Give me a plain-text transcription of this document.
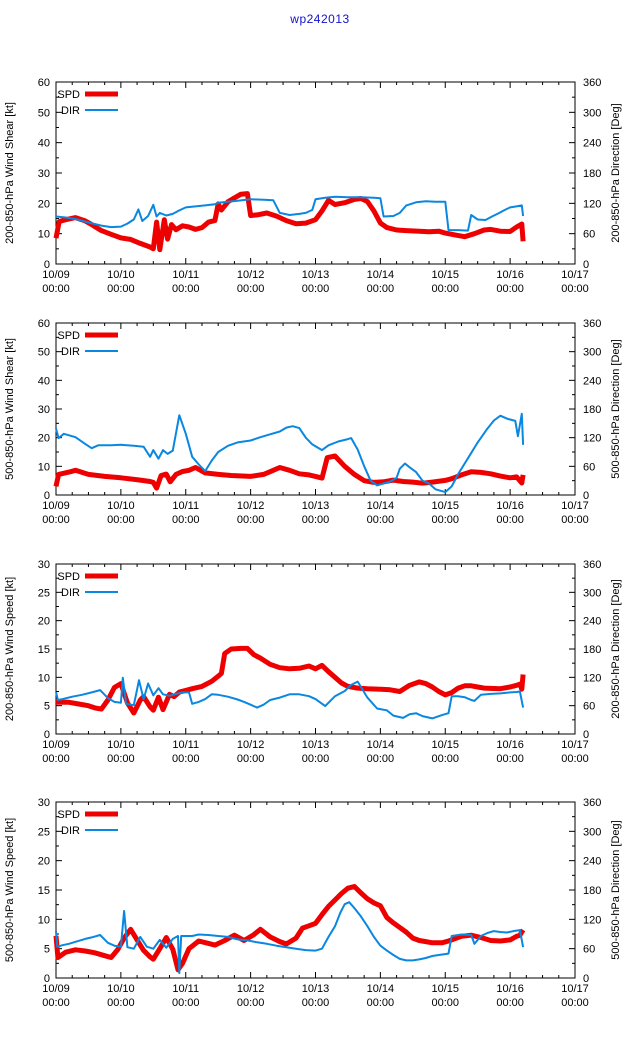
wp242013
10/09
00:00
10/10
00:00
10/11
00:00
10/12
00:00
10/13
00:00
10/14
00:00
10/15
00:00
10/16
00:00
10/17
00:00
0
10
20
30
40
50
60
0
60
120
180
240
300
360
200-850-hPa Wind Shear [kt]	200-850-hPa Direction [Deg]
SPD
DIR
10/09
00:00
10/10
00:00
10/11
00:00
10/12
00:00
10/13
00:00
10/14
00:00
10/15
00:00
10/16
00:00
10/17
00:00
0
10
20
30
40
50
60
0
60
120
180
240
300
360
500-850-hPa Wind Shear [kt]	500-850-hPa Direction [Deg]
SPD
DIR
10/09
00:00
10/10
00:00
10/11
00:00
10/12
00:00
10/13
00:00
10/14
00:00
10/15
00:00
10/16
00:00
10/17
00:00
0
5
10
15
20
25
30
0
60
120
180
240
300
360
200-850-hPa Wind Speed [kt]	200-850-hPa Direction [Deg]
SPD
DIR
10/09
00:00
10/10
00:00
10/11
00:00
10/12
00:00
10/13
00:00
10/14
00:00
10/15
00:00
10/16
00:00
10/17
00:00
0
5
10
15
20
25
30
0
60
120
180
240
300
360
500-850-hPa Wind Speed [kt]	500-850-hPa Direction [Deg]
SPD
DIR
